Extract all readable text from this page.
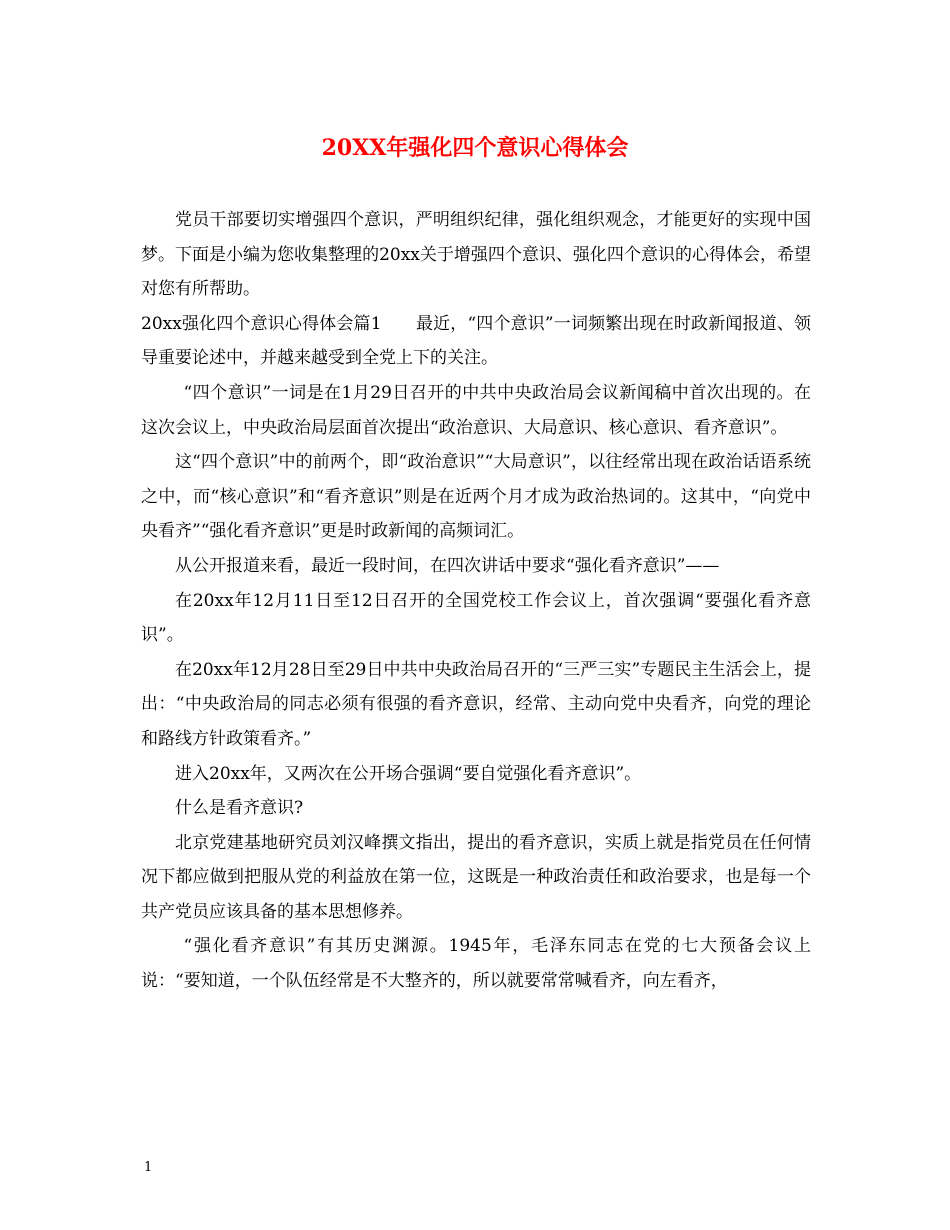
20XX年强化四个意识心得体会

党员干部要切实增强四个意识，严明组织纪律，强化组织观念，才能更好的实现中国梦。下面是小编为您收集整理的20xx关于增强四个意识、强化四个意识的心得体会，希望对您有所帮助。

20xx强化四个意识心得体会篇1　　最近，“四个意识”一词频繁出现在时政新闻报道、领导重要论述中，并越来越受到全党上下的关注。

“四个意识”一词是在1月29日召开的中共中央政治局会议新闻稿中首次出现的。在这次会议上，中央政治局层面首次提出“政治意识、大局意识、核心意识、看齐意识”。

这“四个意识”中的前两个，即“政治意识”“大局意识”，以往经常出现在政治话语系统之中，而“核心意识”和“看齐意识”则是在近两个月才成为政治热词的。这其中，“向党中央看齐”“强化看齐意识”更是时政新闻的高频词汇。

从公开报道来看，最近一段时间，在四次讲话中要求“强化看齐意识”——

在20xx年12月11日至12日召开的全国党校工作会议上，首次强调“要强化看齐意识”。

在20xx年12月28日至29日中共中央政治局召开的“三严三实”专题民主生活会上，提出：“中央政治局的同志必须有很强的看齐意识，经常、主动向党中央看齐，向党的理论和路线方针政策看齐。”

进入20xx年，又两次在公开场合强调“要自觉强化看齐意识”。

什么是看齐意识?

北京党建基地研究员刘汉峰撰文指出，提出的看齐意识，实质上就是指党员在任何情况下都应做到把服从党的利益放在第一位，这既是一种政治责任和政治要求，也是每一个共产党员应该具备的基本思想修养。

“强化看齐意识”有其历史渊源。1945年，毛泽东同志在党的七大预备会议上说：“要知道，一个队伍经常是不大整齐的，所以就要常常喊看齐，向左看齐，

1
